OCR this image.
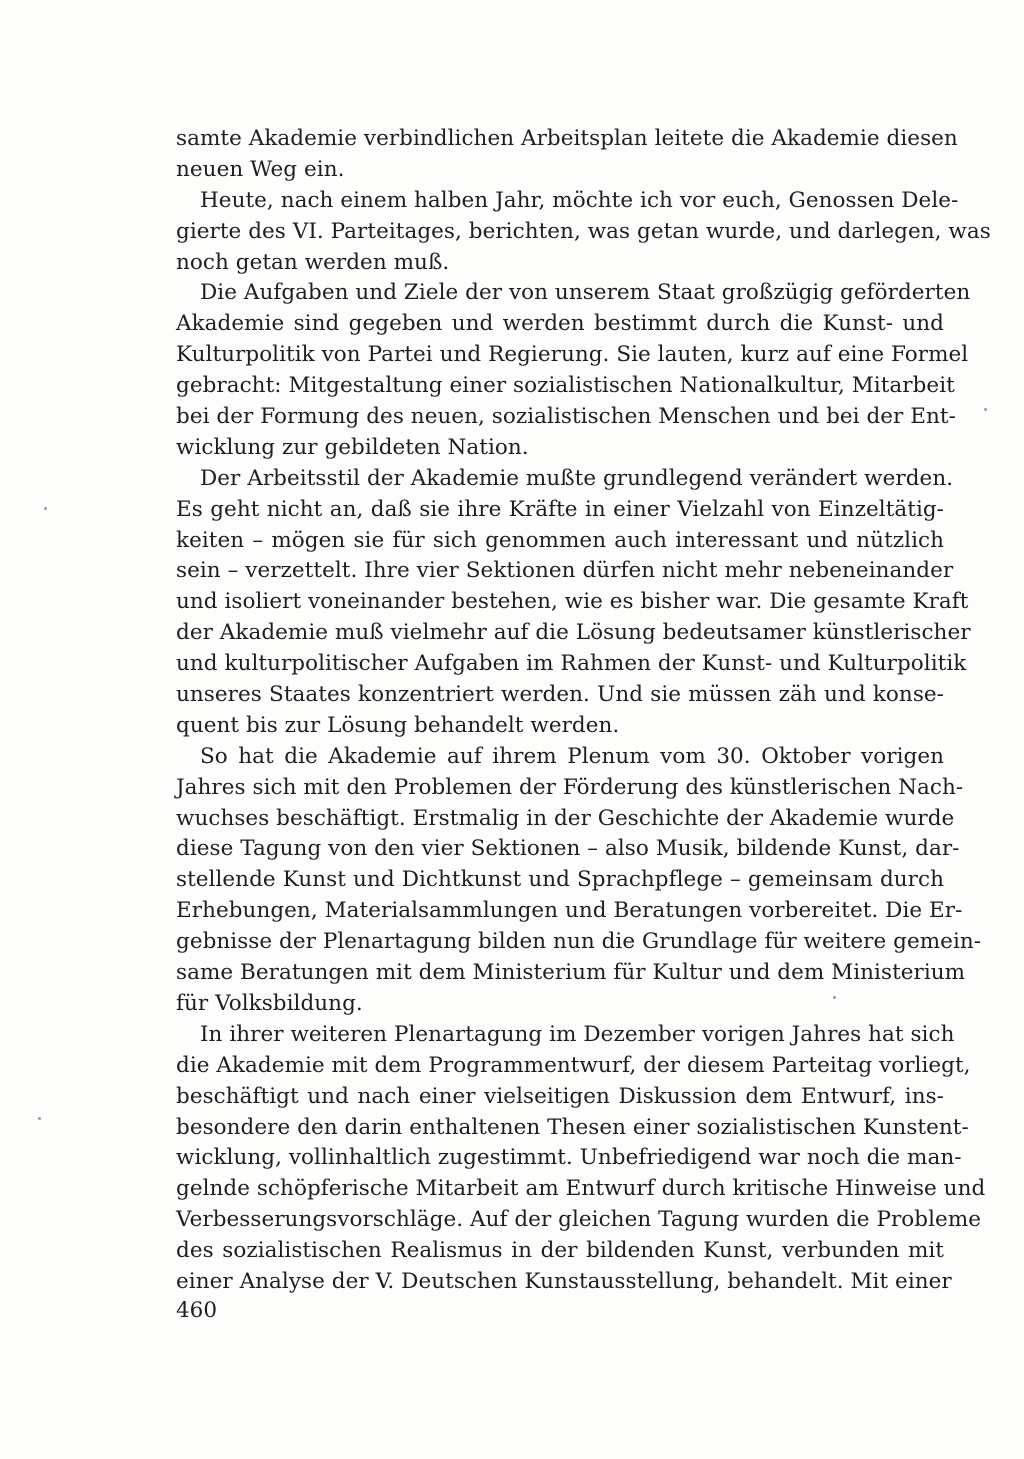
samte Akademie verbindlichen Arbeitsplan leitete die Akademie diesen
neuen Weg ein.
Heute, nach einem halben Jahr, möchte ich vor euch, Genossen Dele-
gierte des VI. Parteitages, berichten, was getan wurde, und darlegen, was
noch getan werden muß.
Die Aufgaben und Ziele der von unserem Staat großzügig geförderten
Akademie sind gegeben und werden bestimmt durch die Kunst- und
Kulturpolitik von Partei und Regierung. Sie lauten, kurz auf eine Formel
gebracht: Mitgestaltung einer sozialistischen Nationalkultur, Mitarbeit
bei der Formung des neuen, sozialistischen Menschen und bei der Ent-
wicklung zur gebildeten Nation.
Der Arbeitsstil der Akademie mußte grundlegend verändert werden.
Es geht nicht an, daß sie ihre Kräfte in einer Vielzahl von Einzeltätig-
keiten – mögen sie für sich genommen auch interessant und nützlich
sein – verzettelt. Ihre vier Sektionen dürfen nicht mehr nebeneinander
und isoliert voneinander bestehen, wie es bisher war. Die gesamte Kraft
der Akademie muß vielmehr auf die Lösung bedeutsamer künstlerischer
und kulturpolitischer Aufgaben im Rahmen der Kunst- und Kulturpolitik
unseres Staates konzentriert werden. Und sie müssen zäh und konse-
quent bis zur Lösung behandelt werden.
So hat die Akademie auf ihrem Plenum vom 30. Oktober vorigen
Jahres sich mit den Problemen der Förderung des künstlerischen Nach-
wuchses beschäftigt. Erstmalig in der Geschichte der Akademie wurde
diese Tagung von den vier Sektionen – also Musik, bildende Kunst, dar-
stellende Kunst und Dichtkunst und Sprachpflege – gemeinsam durch
Erhebungen, Materialsammlungen und Beratungen vorbereitet. Die Er-
gebnisse der Plenartagung bilden nun die Grundlage für weitere gemein-
same Beratungen mit dem Ministerium für Kultur und dem Ministerium
für Volksbildung.
In ihrer weiteren Plenartagung im Dezember vorigen Jahres hat sich
die Akademie mit dem Programmentwurf, der diesem Parteitag vorliegt,
beschäftigt und nach einer vielseitigen Diskussion dem Entwurf, ins-
besondere den darin enthaltenen Thesen einer sozialistischen Kunstent-
wicklung, vollinhaltlich zugestimmt. Unbefriedigend war noch die man-
gelnde schöpferische Mitarbeit am Entwurf durch kritische Hinweise und
Verbesserungsvorschläge. Auf der gleichen Tagung wurden die Probleme
des sozialistischen Realismus in der bildenden Kunst, verbunden mit
einer Analyse der V. Deutschen Kunstausstellung, behandelt. Mit einer
460
